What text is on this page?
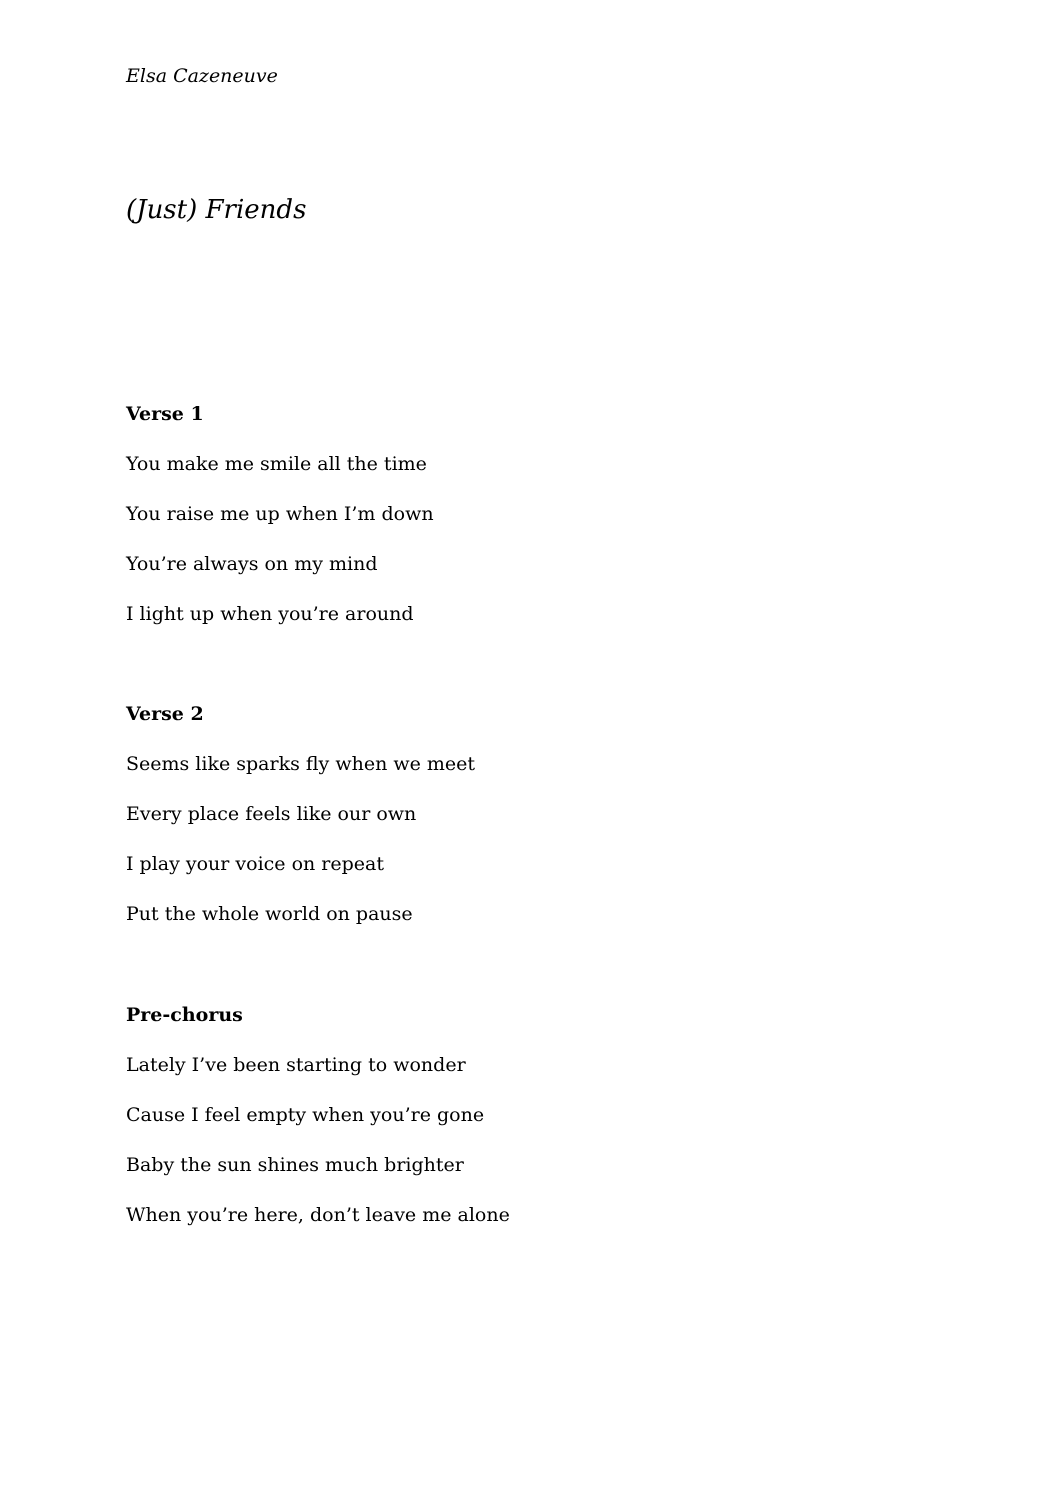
Elsa Cazeneuve
(Just) Friends
Verse 1
You make me smile all the time
You raise me up when I’m down
You’re always on my mind
I light up when you’re around
Verse 2
Seems like sparks fly when we meet
Every place feels like our own
I play your voice on repeat
Put the whole world on pause
Pre-chorus
Lately I’ve been starting to wonder
Cause I feel empty when you’re gone
Baby the sun shines much brighter
When you’re here, don’t leave me alone
